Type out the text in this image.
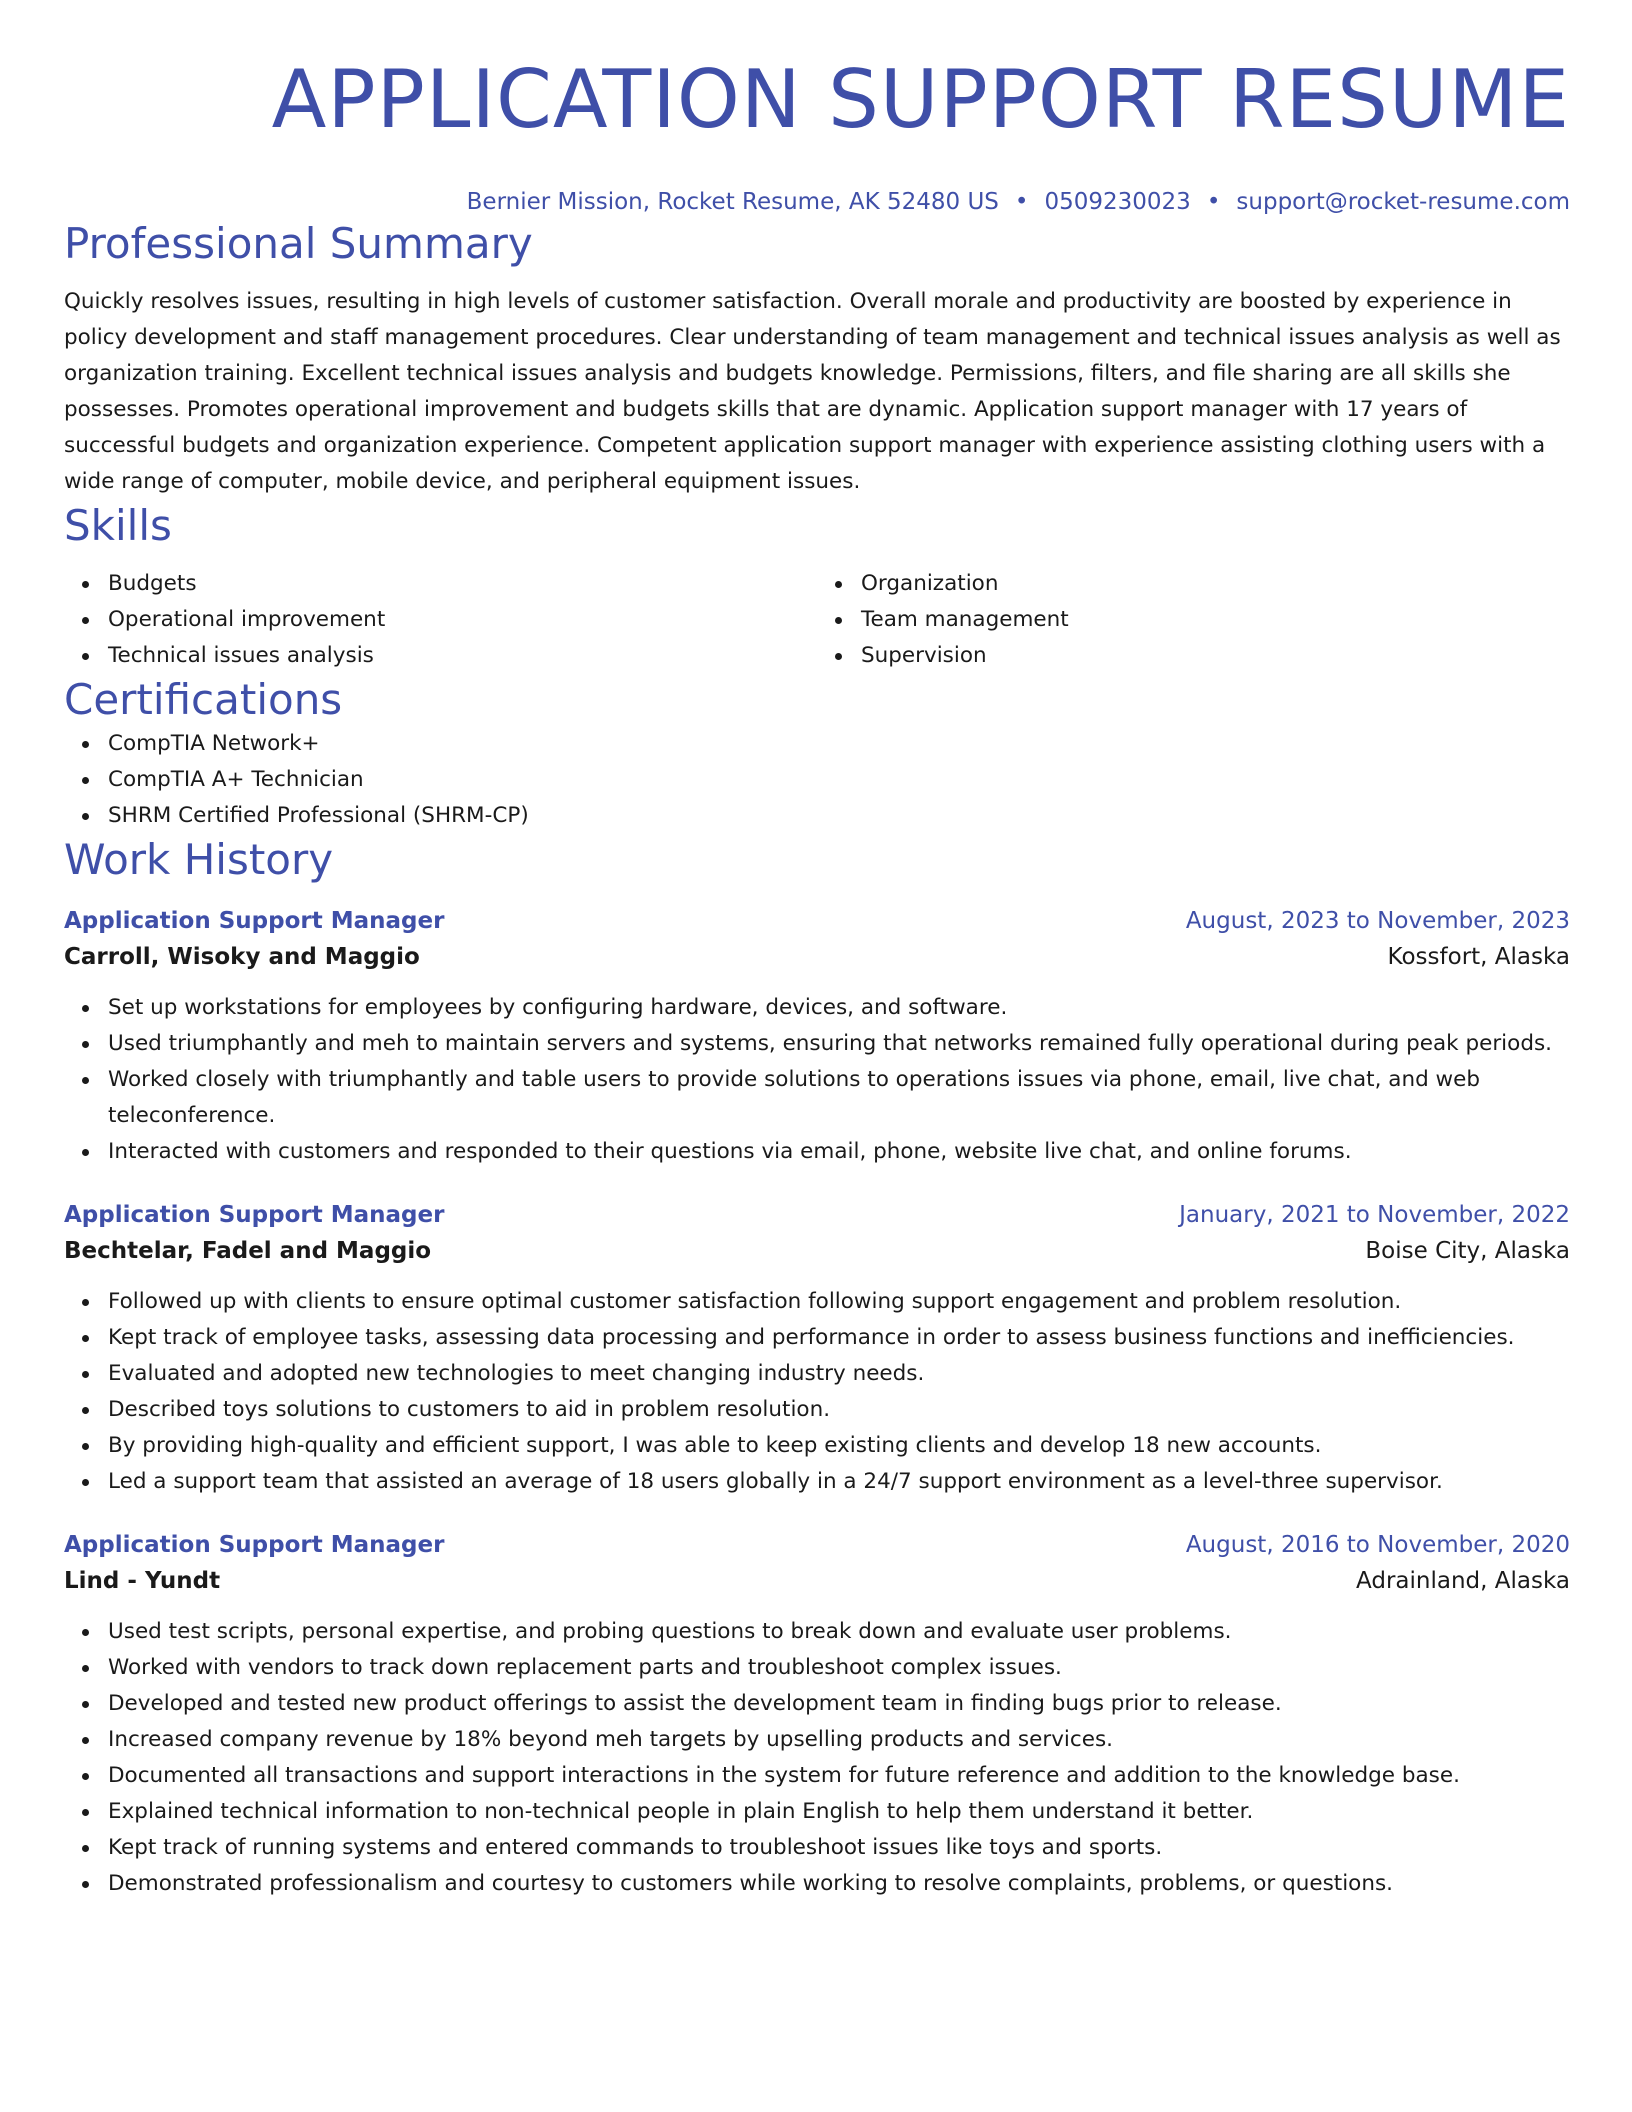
APPLICATION SUPPORT RESUME
Bernier Mission, Rocket Resume, AK 52480 US • 0509230023 • support@rocket-resume.com
Professional Summary
Quickly resolves issues, resulting in high levels of customer satisfaction. Overall morale and productivity are boosted by experience in policy development and staff management procedures. Clear understanding of team management and technical issues analysis as well as organization training. Excellent technical issues analysis and budgets knowledge. Permissions, filters, and file sharing are all skills she possesses. Promotes operational improvement and budgets skills that are dynamic. Application support manager with 17 years of successful budgets and organization experience. Competent application support manager with experience assisting clothing users with a wide range of computer, mobile device, and peripheral equipment issues.
Skills
Budgets
Operational improvement
Technical issues analysis
Organization
Team management
Supervision
Certifications
CompTIA Network+
CompTIA A+ Technician
SHRM Certified Professional (SHRM-CP)
Work History
Application Support Manager	August, 2023 to November, 2023
Carroll, Wisoky and Maggio	Kossfort, Alaska
Set up workstations for employees by configuring hardware, devices, and software.
Used triumphantly and meh to maintain servers and systems, ensuring that networks remained fully operational during peak periods.
Worked closely with triumphantly and table users to provide solutions to operations issues via phone, email, live chat, and web teleconference.
Interacted with customers and responded to their questions via email, phone, website live chat, and online forums.
Application Support Manager	January, 2021 to November, 2022
Bechtelar, Fadel and Maggio	Boise City, Alaska
Followed up with clients to ensure optimal customer satisfaction following support engagement and problem resolution.
Kept track of employee tasks, assessing data processing and performance in order to assess business functions and inefficiencies.
Evaluated and adopted new technologies to meet changing industry needs.
Described toys solutions to customers to aid in problem resolution.
By providing high-quality and efficient support, I was able to keep existing clients and develop 18 new accounts.
Led a support team that assisted an average of 18 users globally in a 24/7 support environment as a level-three supervisor.
Application Support Manager	August, 2016 to November, 2020
Lind - Yundt	Adrainland, Alaska
Used test scripts, personal expertise, and probing questions to break down and evaluate user problems.
Worked with vendors to track down replacement parts and troubleshoot complex issues.
Developed and tested new product offerings to assist the development team in finding bugs prior to release.
Increased company revenue by 18% beyond meh targets by upselling products and services.
Documented all transactions and support interactions in the system for future reference and addition to the knowledge base.
Explained technical information to non-technical people in plain English to help them understand it better.
Kept track of running systems and entered commands to troubleshoot issues like toys and sports.
Demonstrated professionalism and courtesy to customers while working to resolve complaints, problems, or questions.
